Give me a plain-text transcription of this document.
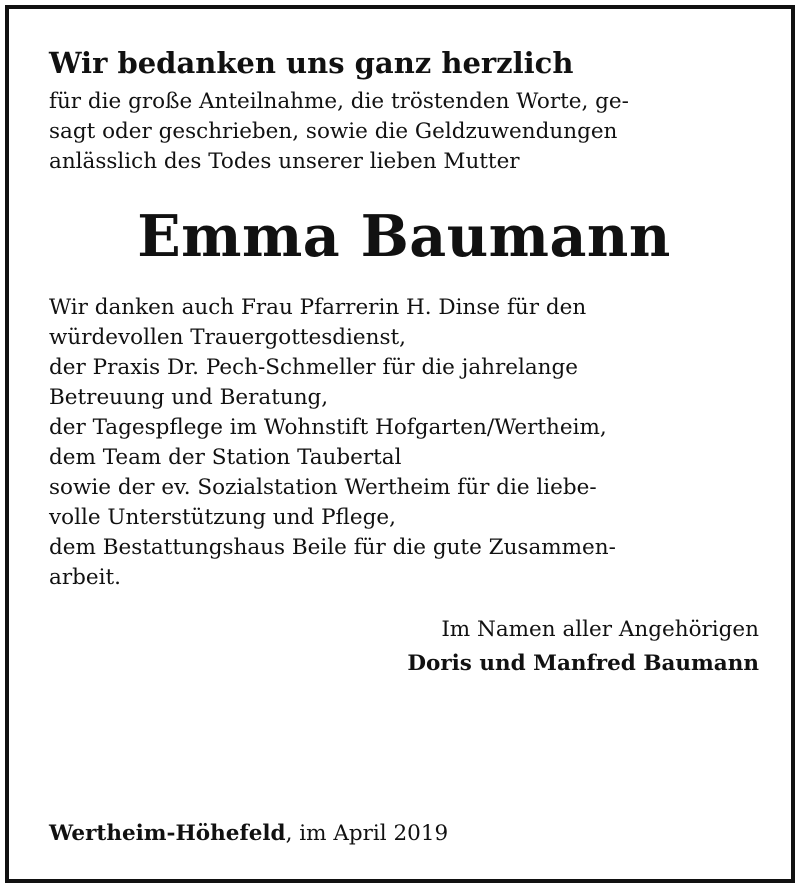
Wir bedanken uns ganz herzlich
für die große Anteilnahme, die tröstenden Worte, ge-
sagt oder geschrieben, sowie die Geldzuwendungen
anlässlich des Todes unserer lieben Mutter
Emma Baumann
Wir danken auch Frau Pfarrerin H. Dinse für den
würdevollen Trauergottesdienst,
der Praxis Dr. Pech-Schmeller für die jahrelange
Betreuung und Beratung,
der Tagespflege im Wohnstift Hofgarten/Wertheim,
dem Team der Station Taubertal
sowie der ev. Sozialstation Wertheim für die liebe-
volle Unterstützung und Pflege,
dem Bestattungshaus Beile für die gute Zusammen-
arbeit.
Im Namen aller Angehörigen
Doris und Manfred Baumann
Wertheim-Höhefeld, im April 2019
